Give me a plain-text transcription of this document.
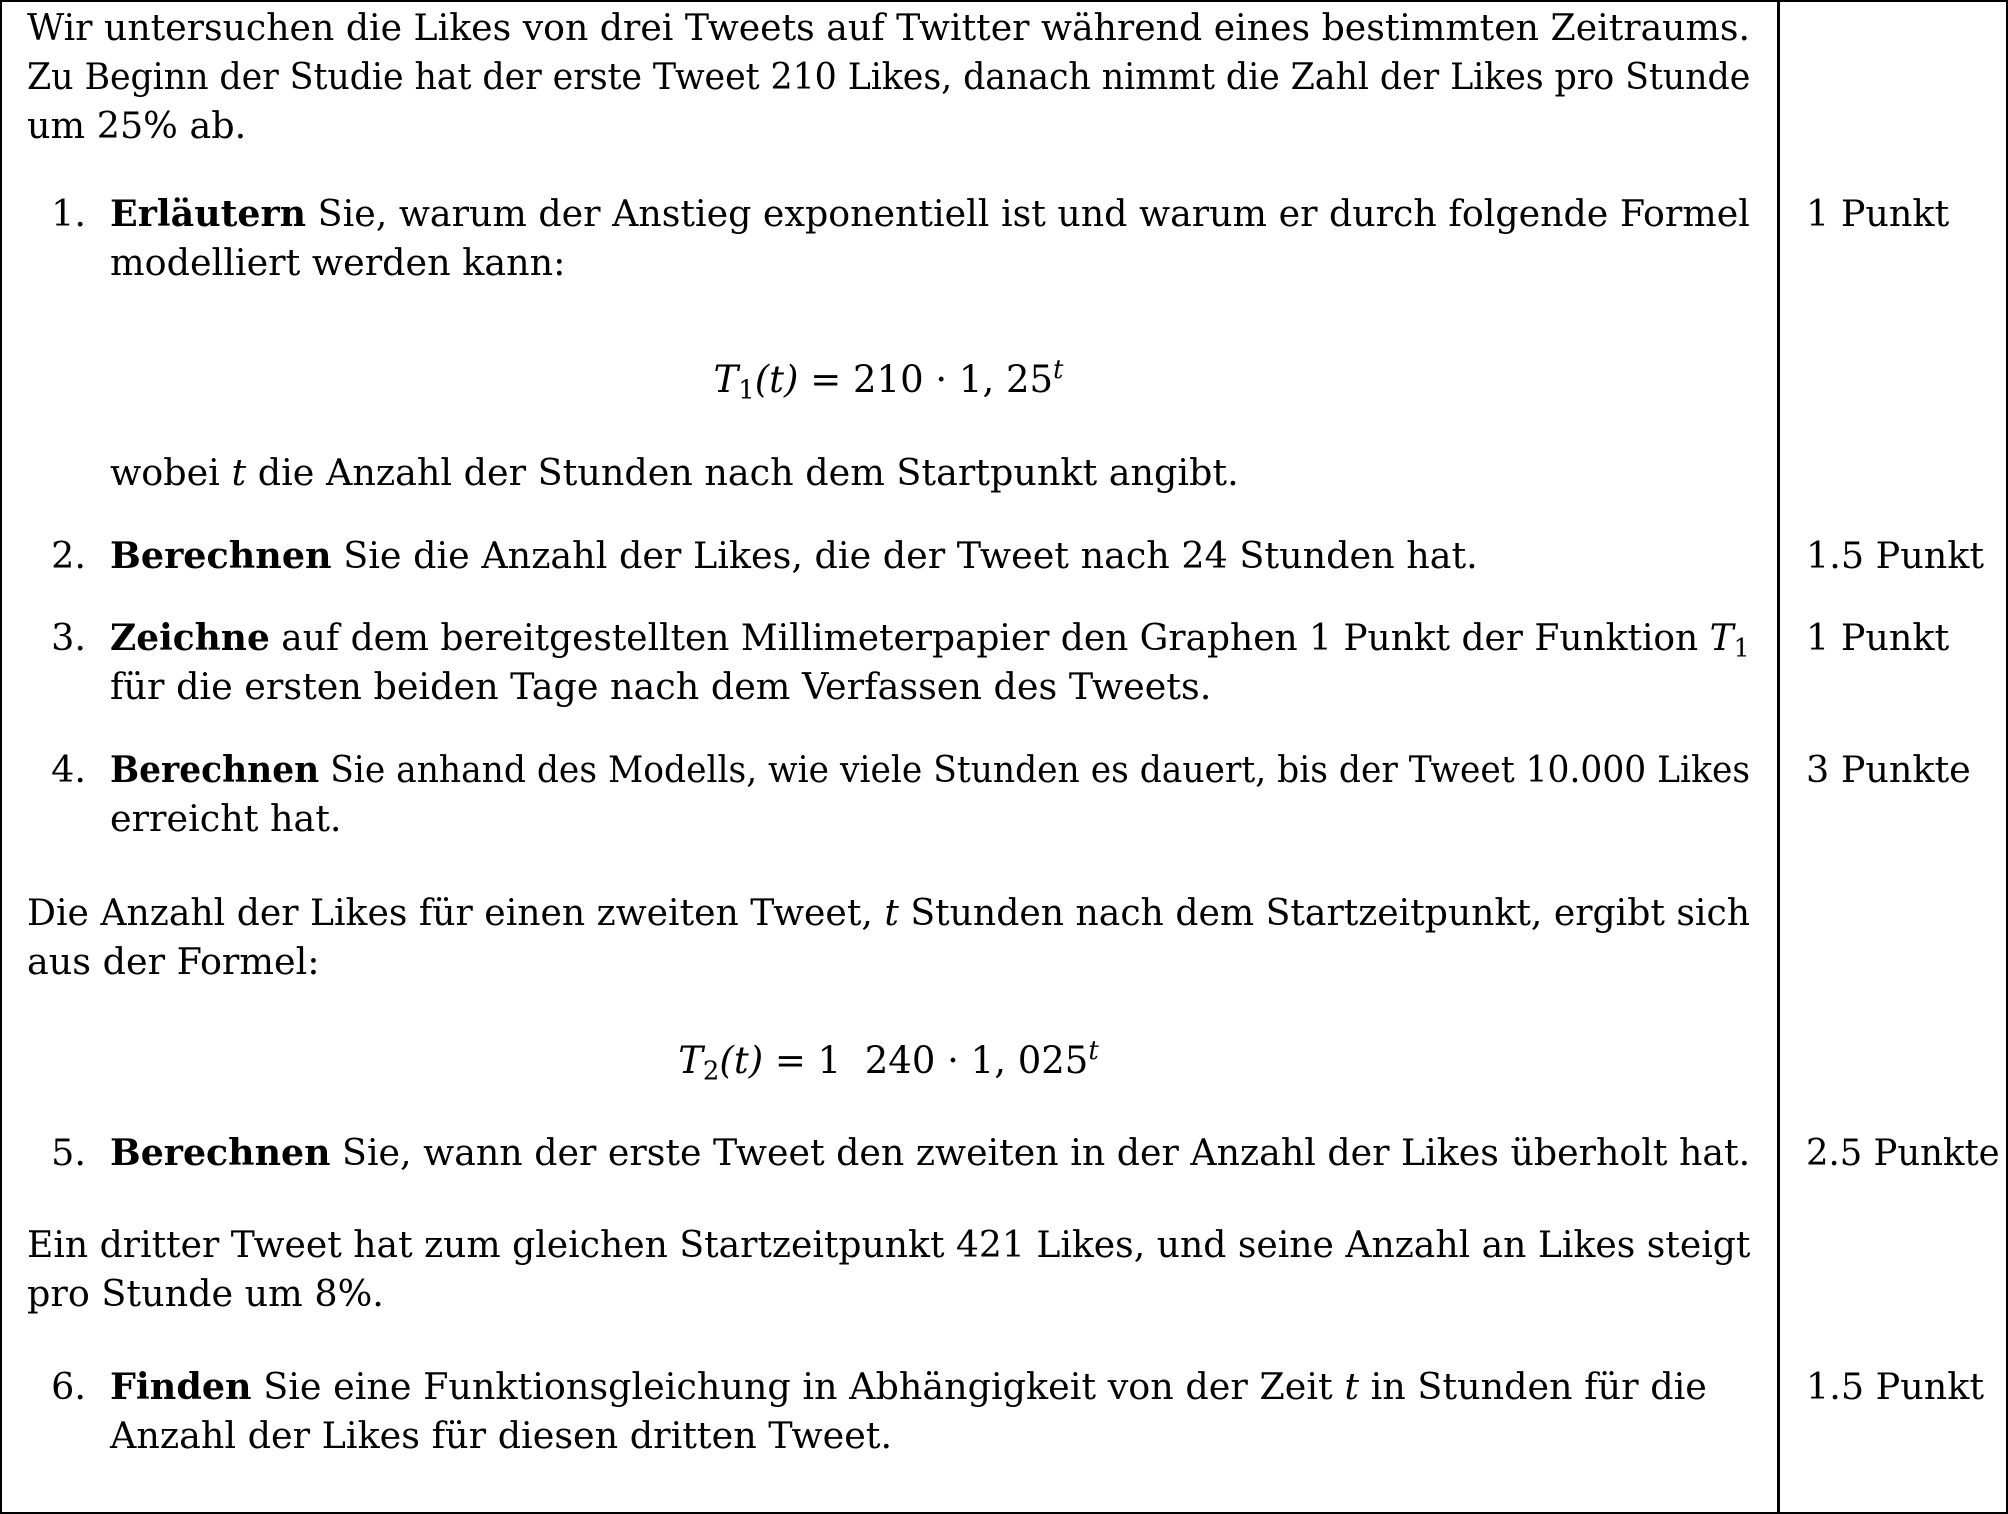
Wir untersuchen die Likes von drei Tweets auf Twitter während eines bestimmten Zeitraums.
Zu Beginn der Studie hat der erste Tweet 210 Likes, danach nimmt die Zahl der Likes pro Stunde
um 25% ab.
1. Erläutern Sie, warum der Anstieg exponentiell ist und warum er durch folgende Formel
modelliert werden kann:
$T_1(t) = 210 \cdot 1$, 25$^t$
wobei t die Anzahl der Stunden nach dem Startpunkt angibt.
1 Punkt
2. Berechnen Sie die Anzahl der Likes, die der Tweet nach 24 Stunden hat.	1.5 Punkt
3. Zeichne auf dem bereitgestellten Millimeterpapier den Graphen 1 Punkt der Funktion $T_1$
für die ersten beiden Tage nach dem Verfassen des Tweets.
1 Punkt
4. Berechnen Sie anhand des Modells, wie viele Stunden es dauert, bis der Tweet 10.000 Likes
erreicht hat.
3 Punkte
Die Anzahl der Likes für einen zweiten Tweet, t Stunden nach dem Startzeitpunkt, ergibt sich
aus der Formel:
$T_2(t) = 1$  240 · 1, 025$^t$
5. Berechnen Sie, wann der erste Tweet den zweiten in der Anzahl der Likes überholt hat. 2.5 Punkte
Ein dritter Tweet hat zum gleichen Startzeitpunkt 421 Likes, und seine Anzahl an Likes steigt
pro Stunde um 8%.
6. Finden Sie eine Funktionsgleichung in Abhängigkeit von der Zeit t in Stunden für die
Anzahl der Likes für diesen dritten Tweet.
1.5 Punkt
